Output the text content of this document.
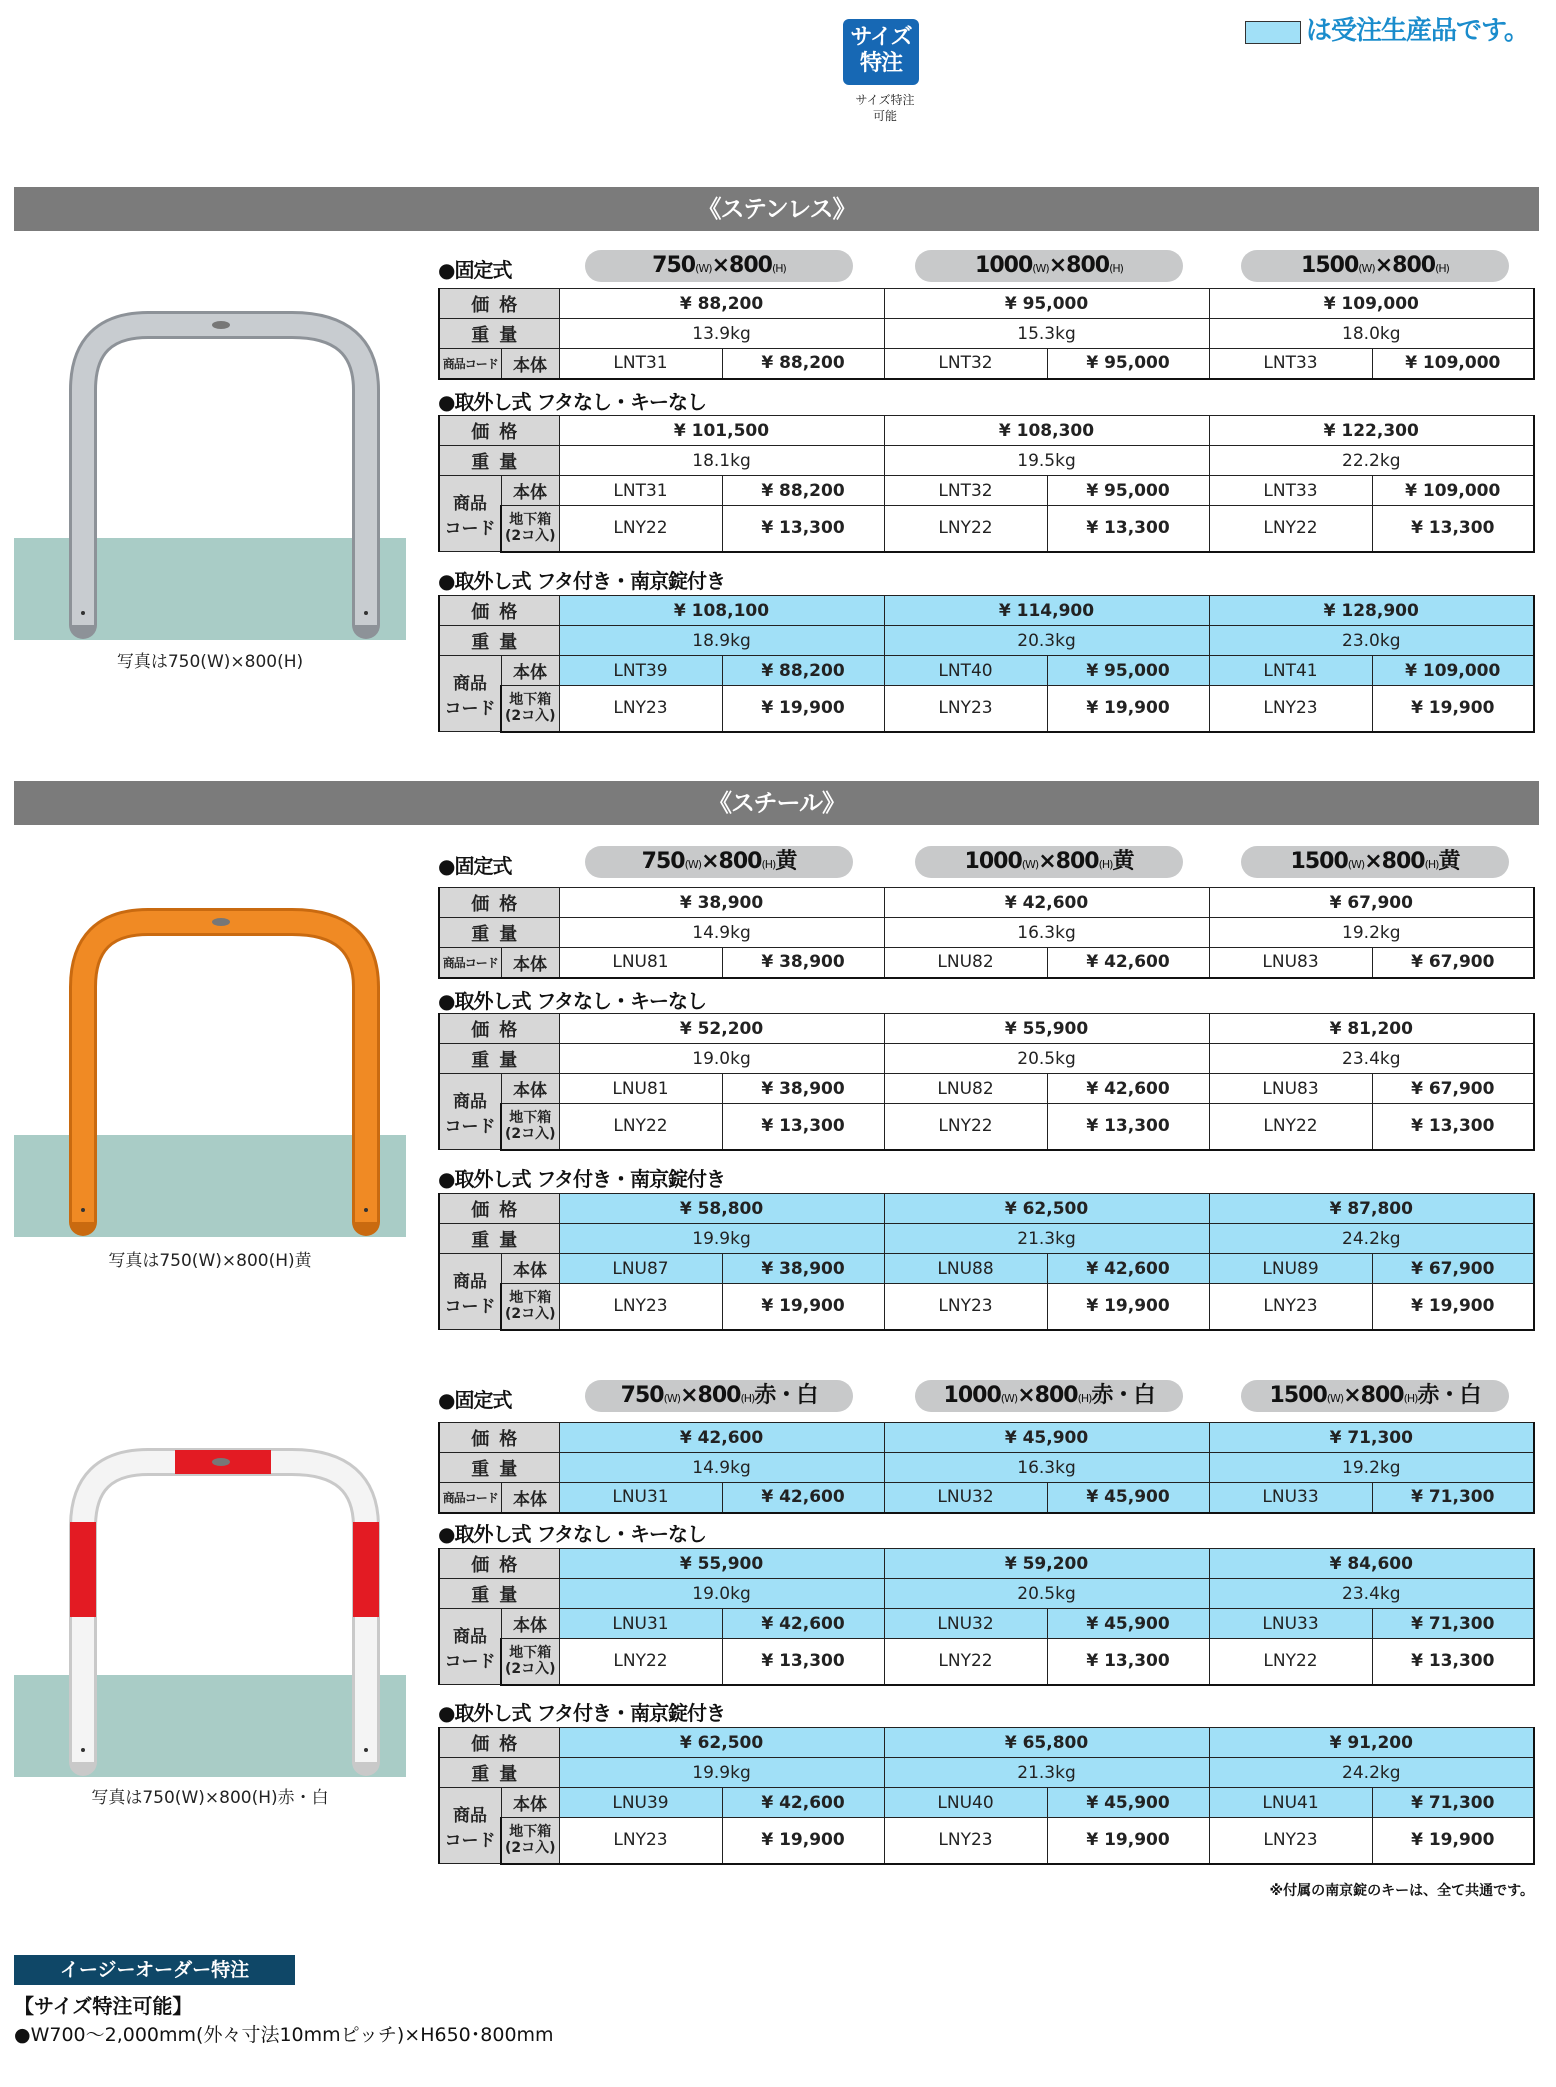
サイズ
特注
サイズ特注
可能
は受注生産品です。
《ステンレス》
写真は750(W)×800(H)
●固定式	750(W)×800(H)	1000(W)×800(H)	1500(W)×800(H)
価格		¥ 88,200		¥ 95,000		¥ 109,000	
重量		13.9kg		15.3kg		18.0kg	
商品コード	本体	LNT31	¥ 88,200	LNT32	¥ 95,000	LNT33	¥ 109,000
●取外し式 フタなし・キーなし
価格		¥ 101,500		¥ 108,300		¥ 122,300	
重量		18.1kg		19.5kg		22.2kg	

商品
コード	本体	LNT31	¥ 88,200	LNT32	¥ 95,000	LNT33	¥ 109,000

	地下箱
(2コ入)	LNY22	¥ 13,300	LNY22	¥ 13,300	LNY22	¥ 13,300
●取外し式 フタ付き・南京錠付き
価格		¥ 108,100		¥ 114,900		¥ 128,900	
重量		18.9kg		20.3kg		23.0kg	

商品
コード	本体	LNT39	¥ 88,200	LNT40	¥ 95,000	LNT41	¥ 109,000

	地下箱
(2コ入)	LNY23	¥ 19,900	LNY23	¥ 19,900	LNY23	¥ 19,900
《スチール》
写真は750(W)×800(H)黄
●固定式	750(W)×800(H)黄	1000(W)×800(H)黄	1500(W)×800(H)黄
価格		¥ 38,900		¥ 42,600		¥ 67,900	
重量		14.9kg		16.3kg		19.2kg	
商品コード	本体	LNU81	¥ 38,900	LNU82	¥ 42,600	LNU83	¥ 67,900
●取外し式 フタなし・キーなし
価格		¥ 52,200		¥ 55,900		¥ 81,200	
重量		19.0kg		20.5kg		23.4kg	

商品
コード	本体	LNU81	¥ 38,900	LNU82	¥ 42,600	LNU83	¥ 67,900

	地下箱
(2コ入)	LNY22	¥ 13,300	LNY22	¥ 13,300	LNY22	¥ 13,300
●取外し式 フタ付き・南京錠付き
価格		¥ 58,800		¥ 62,500		¥ 87,800	
重量		19.9kg		21.3kg		24.2kg	

商品
コード	本体	LNU87	¥ 38,900	LNU88	¥ 42,600	LNU89	¥ 67,900

	地下箱
(2コ入)	LNY23	¥ 19,900	LNY23	¥ 19,900	LNY23	¥ 19,900
写真は750(W)×800(H)赤・白
●固定式	750(W)×800(H)赤・白	1000(W)×800(H)赤・白	1500(W)×800(H)赤・白
価格		¥ 42,600		¥ 45,900		¥ 71,300	
重量		14.9kg		16.3kg		19.2kg	
商品コード	本体	LNU31	¥ 42,600	LNU32	¥ 45,900	LNU33	¥ 71,300
●取外し式 フタなし・キーなし
価格		¥ 55,900		¥ 59,200		¥ 84,600	
重量		19.0kg		20.5kg		23.4kg	

商品
コード	本体	LNU31	¥ 42,600	LNU32	¥ 45,900	LNU33	¥ 71,300

	地下箱
(2コ入)	LNY22	¥ 13,300	LNY22	¥ 13,300	LNY22	¥ 13,300
●取外し式 フタ付き・南京錠付き
価格		¥ 62,500		¥ 65,800		¥ 91,200	
重量		19.9kg		21.3kg		24.2kg	

商品
コード	本体	LNU39	¥ 42,600	LNU40	¥ 45,900	LNU41	¥ 71,300

	地下箱
(2コ入)	LNY23	¥ 19,900	LNY23	¥ 19,900	LNY23	¥ 19,900
※付属の南京錠のキーは、全て共通です。
イージーオーダー特注
【サイズ特注可能】
●W700～2,000mm(外々寸法10mmピッチ)×H650･800mm
